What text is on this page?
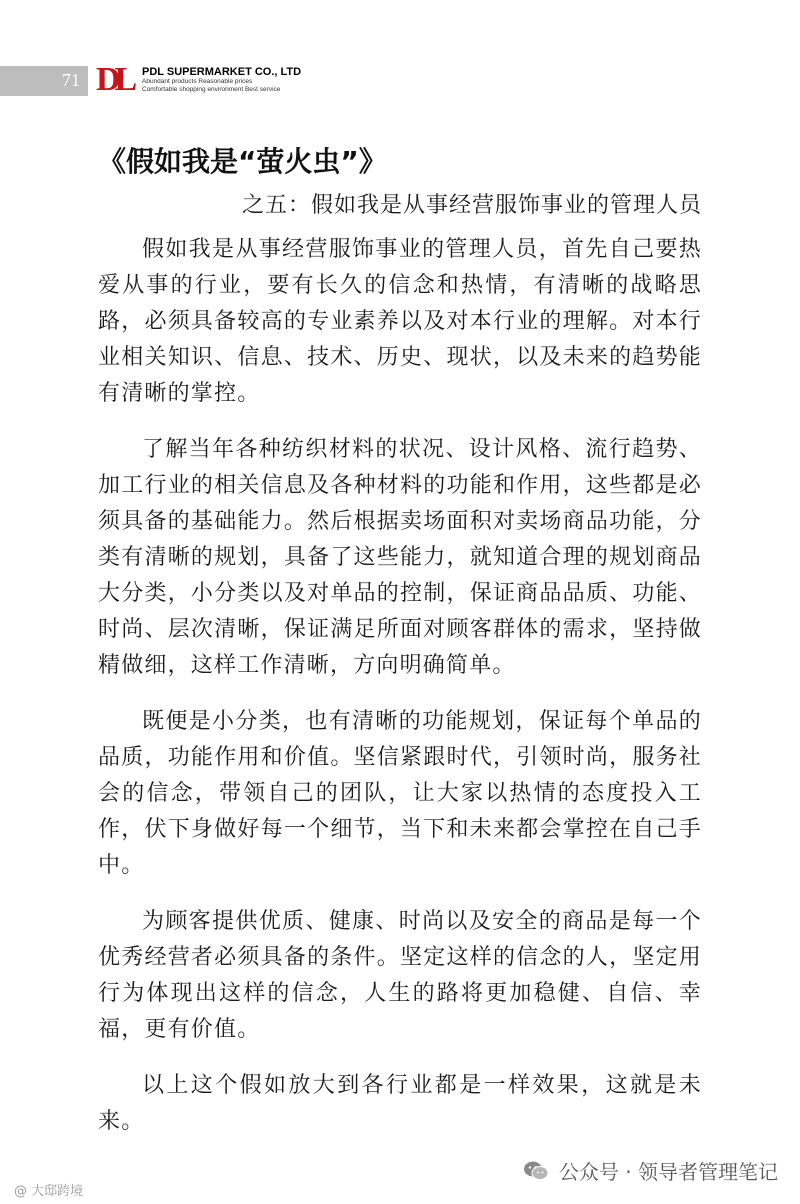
71 DL PDL SUPERMARKET CO., LTD
Abundant products Reasonable prices
Comfortable shopping environment Best service
《假如我是“萤火虫”》
之五：假如我是从事经营服饰事业的管理人员

假如我是从事经营服饰事业的管理人员，首先自己要热爱从事的行业，要有长久的信念和热情，有清晰的战略思路，必须具备较高的专业素养以及对本行业的理解。对本行业相关知识、信息、技术、历史、现状，以及未来的趋势能有清晰的掌控。

了解当年各种纺织材料的状况、设计风格、流行趋势、加工行业的相关信息及各种材料的功能和作用，这些都是必须具备的基础能力。然后根据卖场面积对卖场商品功能，分类有清晰的规划，具备了这些能力，就知道合理的规划商品大分类，小分类以及对单品的控制，保证商品品质、功能、时尚、层次清晰，保证满足所面对顾客群体的需求，坚持做精做细，这样工作清晰，方向明确简单。

既便是小分类，也有清晰的功能规划，保证每个单品的品质，功能作用和价值。坚信紧跟时代，引领时尚，服务社会的信念，带领自己的团队，让大家以热情的态度投入工作，伏下身做好每一个细节，当下和未来都会掌控在自己手中。

为顾客提供优质、健康、时尚以及安全的商品是每一个优秀经营者必须具备的条件。坚定这样的信念的人，坚定用行为体现出这样的信念，人生的路将更加稳健、自信、幸福，更有价值。

以上这个假如放大到各行业都是一样效果，这就是未来。

@ 大邸跨境
公众号 · 领导者管理笔记
